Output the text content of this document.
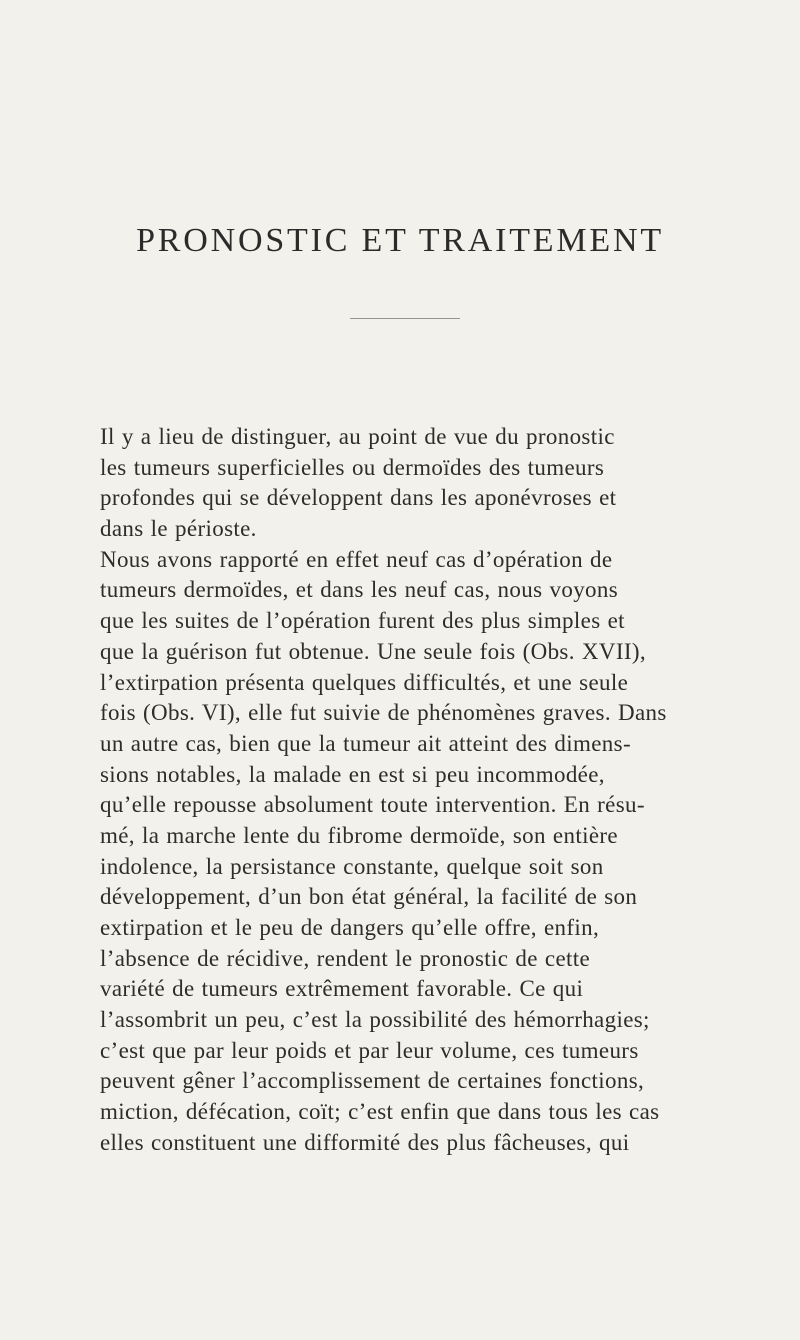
PRONOSTIC ET TRAITEMENT
Il y a lieu de distinguer, au point de vue du pronostic
les tumeurs superficielles ou dermoïdes des tumeurs
profondes qui se développent dans les aponévroses et
dans le périoste.
Nous avons rapporté en effet neuf cas d’opération de
tumeurs dermoïdes, et dans les neuf cas, nous voyons
que les suites de l’opération furent des plus simples et
que la guérison fut obtenue. Une seule fois (Obs. XVII),
l’extirpation présenta quelques difficultés, et une seule
fois (Obs. VI), elle fut suivie de phénomènes graves. Dans
un autre cas, bien que la tumeur ait atteint des dimens-
sions notables, la malade en est si peu incommodée,
qu’elle repousse absolument toute intervention. En résu-
mé, la marche lente du fibrome dermoïde, son entière
indolence, la persistance constante, quelque soit son
développement, d’un bon état général, la facilité de son
extirpation et le peu de dangers qu’elle offre, enfin,
l’absence de récidive, rendent le pronostic de cette
variété de tumeurs extrêmement favorable. Ce qui
l’assombrit un peu, c’est la possibilité des hémorrhagies;
c’est que par leur poids et par leur volume, ces tumeurs
peuvent gêner l’accomplissement de certaines fonctions,
miction, défécation, coït; c’est enfin que dans tous les cas
elles constituent une difformité des plus fâcheuses, qui
